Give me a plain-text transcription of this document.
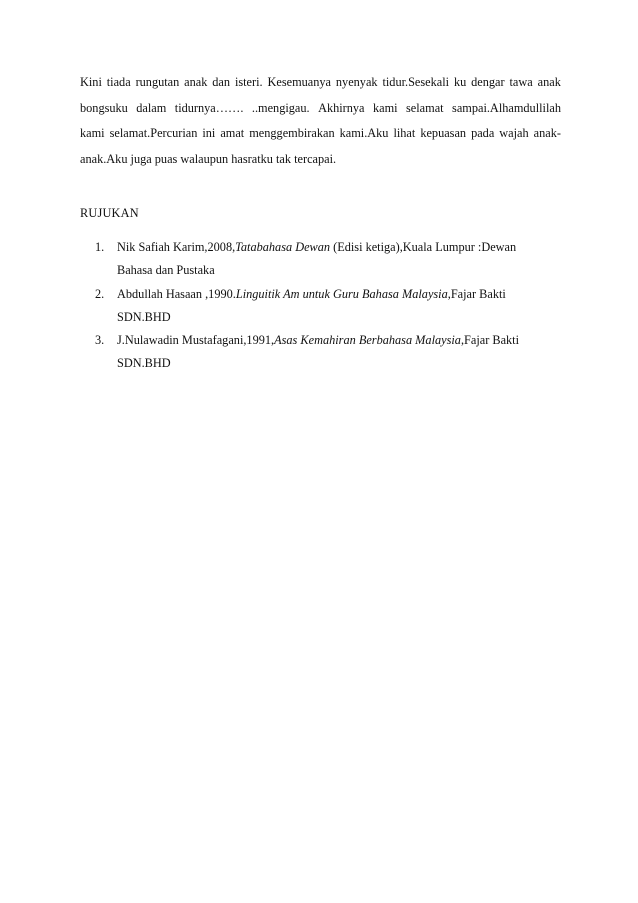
Kini tiada rungutan anak dan isteri. Kesemuanya nyenyak tidur.Sesekali ku dengar tawa anak
bongsuku dalam tidurnya……. ..mengigau. Akhirnya kami selamat sampai.Alhamdullilah
kami selamat.Percurian ini amat menggembirakan kami.Aku lihat kepuasan pada wajah anak-
anak.Aku juga puas walaupun hasratku tak tercapai.
RUJUKAN
1.	Nik Safiah Karim,2008,Tatabahasa Dewan (Edisi ketiga),Kuala Lumpur :Dewan
Bahasa dan Pustaka
2.	Abdullah Hasaan ,1990.Linguitik Am untuk Guru Bahasa Malaysia,Fajar Bakti
SDN.BHD
3.	J.Nulawadin Mustafagani,1991,Asas Kemahiran Berbahasa Malaysia,Fajar Bakti
SDN.BHD
